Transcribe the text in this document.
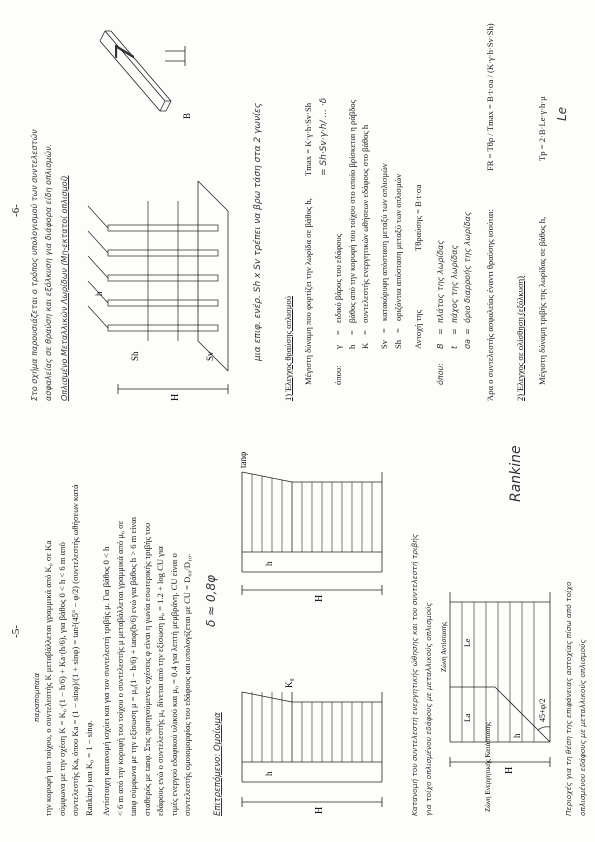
-5-
παραπομπαία την κορυφή του τοίχου, ο συντελεστής K μεταβάλλεται γραμμικά από Κ₀ σε Κa σύμφωνα με την σχέση K = K₀·(1 − h/6) + Ka·(h/6), για βάθος 0 < h < 6 m από συντελεστής Ka, όπου Ka = (1 − sinφ)/(1 + sinφ) = tan²(45° − φ/2) (συντελεστής ωθήσεων κατά Rankine) και K₀ = 1 − sinφ. Αντίστοιχη κατανομή ισχύει και για τον συντελεστή τριβής μ. Για βάθος 0 < h < 6 m από την κορυφή του τοίχου ο συντελεστής μ μεταβάλλεται γραμμικά από μ₀ σε tanφ σύμφωνα με την εξίσωση μ = μ₀(1 − h/6) + tanφ(h/6) ενώ για βάθος h > 6 m είναι σταθερός με tanφ. Στις προηγούμενες σχέσεις φ είναι η γωνία εσωτερικής τριβής του εδάφους ενώ ο συντελεστής μ₀ δίνεται από την εξίσωση μ₀ = 1.2 + log CU για τιμές ενεργού εδαφικού υλικού και μ₀ = 0.4 για λεπτή μεμβράνη. CU είναι ο συντελεστής ομοιομορφίας του εδάφους και υπολογίζεται με CU = D₆₀/D₁₀. δ ≈ 0,8φ
Επιτρεπόμενο: Ομοίωμα	h
H
K₀
h
H
tanφ
Κατανομή του συντελεστή ενεργητικής ώθησης και του συντελεστή τριβής για τοίχο οπλισμένου εδάφους με μεταλλικούς οπλισμούς	Ζώνη Ενεργητικής Κατάστασης
Ζώνη Αντίστασης
La
Le
h
H
45+φ/2
Rankine
Περιοχές για τη θέση της επιφάνειας αστοχίας πίσω από τοίχο οπλισμένου εδάφους με μεταλλικούς οπλισμούς
-6- Στο σχήμα παρουσιάζεται ο τρόπος υπολογισμού των συντελεστών ασφαλείας σε θραύση και εξόλκυση για διάφορα είδη οπλισμών. Οπλισμένο Μεταλλικών Λωρίδων (Μη-εκτατοί οπλισμοί)	Sh	Sv
h
H
B	μια επιφ. ενέρ. Sh x Sv τρέπει να βρω τάση στα 2 γωνίες 1) Έλεγχος θραύσης οπλισμού Μέγιστη δύναμη που φορτίζει την λωρίδα σε βάθος h,
Tmax = K·γ·h·Sv·Sh = Sh·Sv·γ·h/ ... ·δ
όπου:γ=ειδικό βάρος του εδάφους
h=βάθος από την κορυφή του τοίχου στο οποίο βρίσκεται η ράβδος
K=συντελεστής ενεργητικών ωθήσεων εδάφους στο βάθος h
Sv=κατακόρυφη απόσταση μεταξύ των οπλισμών
Sh=οριζόντια απόσταση μεταξύ των οπλισμών
Αντοχή της
Tθραύσης = B·t·σa
όπου:B=πλάτος της λωρίδας
t=πάχος της λωρίδας
σa=όριο διαρροής της λωρίδας Άρα ο συντελεστής ασφαλείας έναντι θραύσης ισούται:
FR = Tθρ / Tmax = B·t·σa / (K·γ·h·Sv·Sh)
2) Έλεγχος σε ολίσθηση (εξόλκυση) Μέγιστη δύναμη τριβής της λωρίδας σε βάθος h,
Tp = 2·B·Le·γ·h·μ Le
7
